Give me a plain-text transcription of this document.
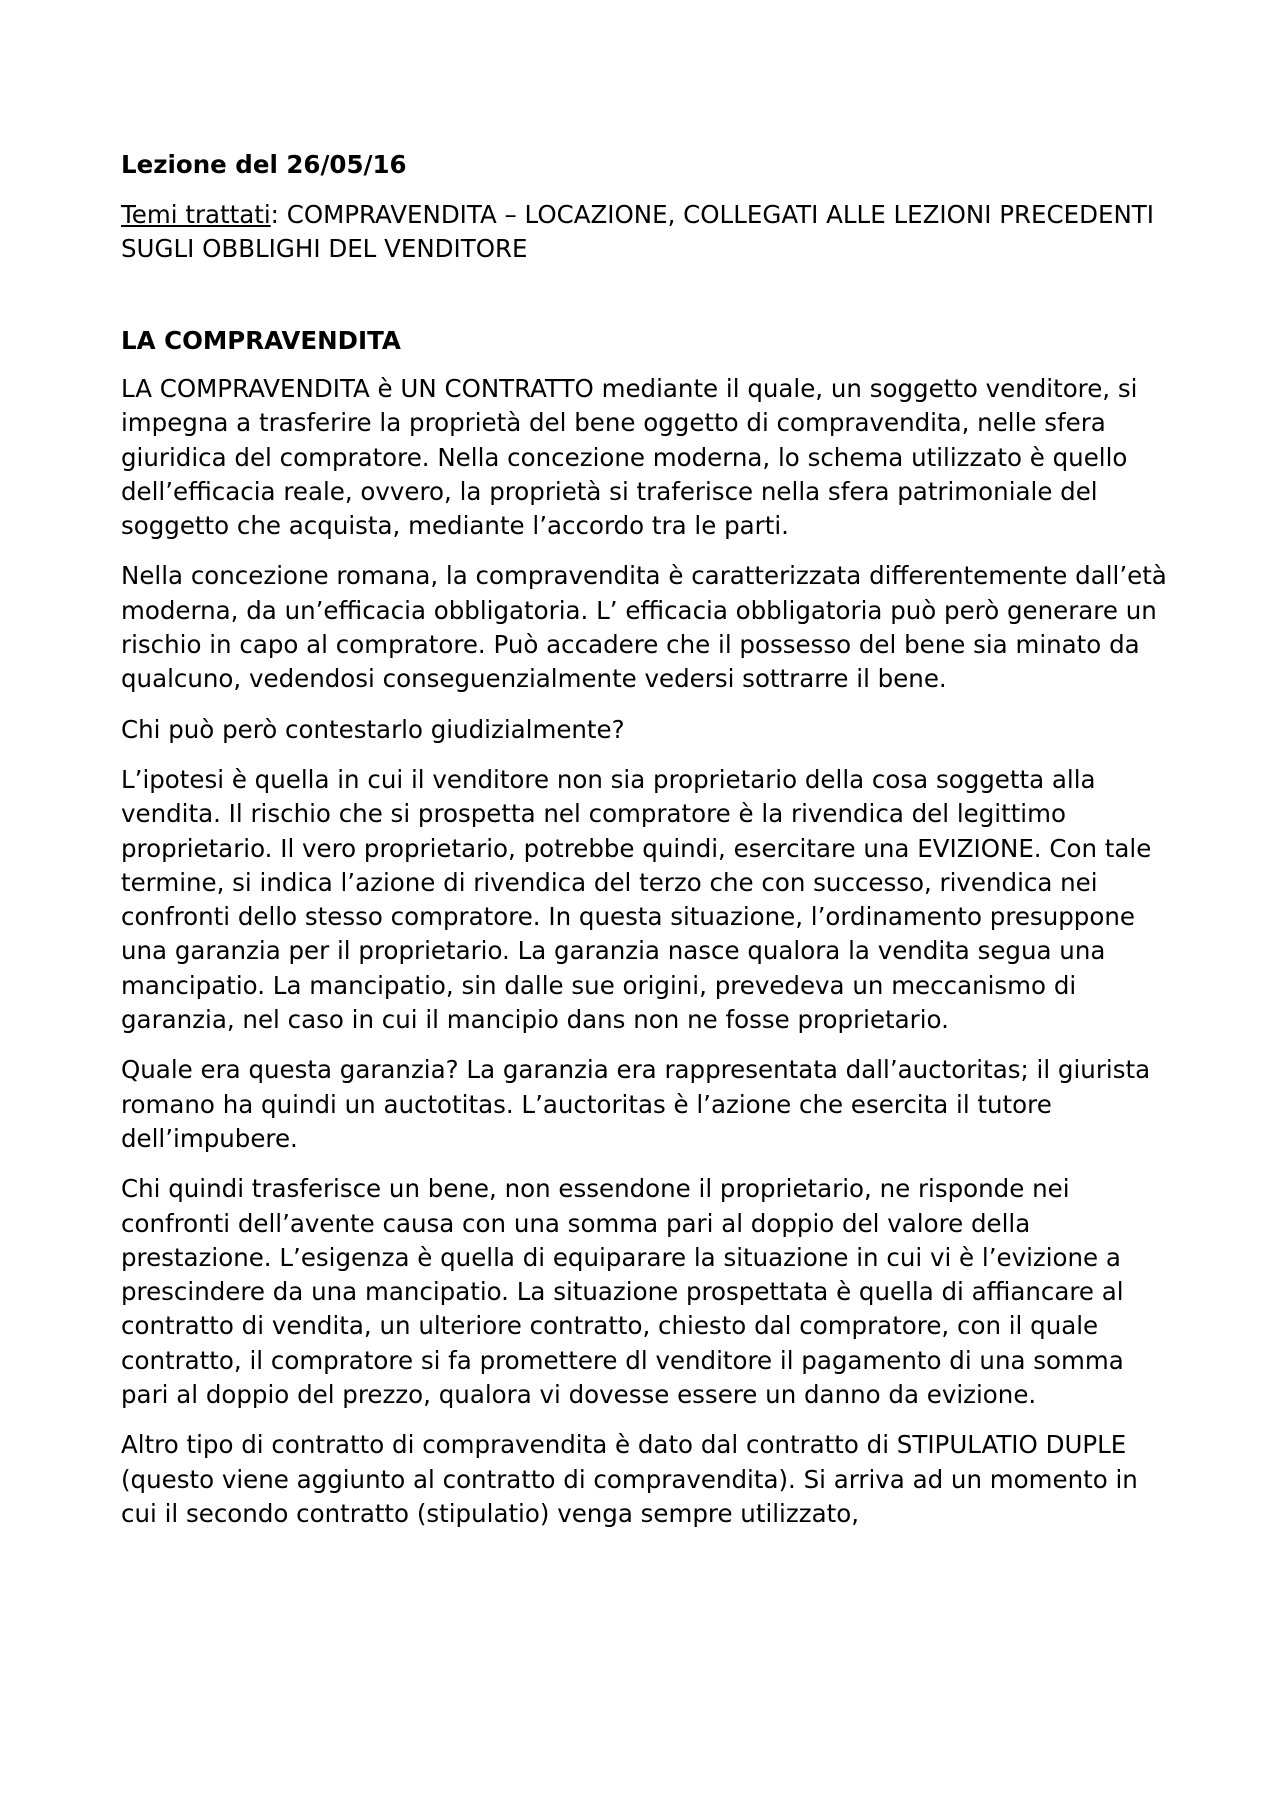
Lezione del 26/05/16
Temi trattati: COMPRAVENDITA – LOCAZIONE, COLLEGATI ALLE LEZIONI PRECEDENTI SUGLI OBBLIGHI DEL VENDITORE
LA COMPRAVENDITA

LA COMPRAVENDITA è UN CONTRATTO mediante il quale, un soggetto venditore, si impegna a trasferire la proprietà del bene oggetto di compravendita, nelle sfera giuridica del compratore. Nella concezione moderna, lo schema utilizzato è quello dell’efficacia reale, ovvero, la proprietà si traferisce nella sfera patrimoniale del soggetto che acquista, mediante l’accordo tra le parti.

Nella concezione romana, la compravendita è caratterizzata differentemente dall’età moderna, da un’efficacia obbligatoria. L’ efficacia obbligatoria può però generare un rischio in capo al compratore. Può accadere che il possesso del bene sia minato da qualcuno, vedendosi conseguenzialmente vedersi sottrarre il bene.

Chi può però contestarlo giudizialmente?

L’ipotesi è quella in cui il venditore non sia proprietario della cosa soggetta alla vendita. Il rischio che si prospetta nel compratore è la rivendica del legittimo proprietario. Il vero proprietario, potrebbe quindi, esercitare una EVIZIONE. Con tale termine, si indica l’azione di rivendica del terzo che con successo, rivendica nei confronti dello stesso compratore. In questa situazione, l’ordinamento presuppone una garanzia per il proprietario. La garanzia nasce qualora la vendita segua una mancipatio. La mancipatio, sin dalle sue origini, prevedeva un meccanismo di garanzia, nel caso in cui il mancipio dans non ne fosse proprietario.

Quale era questa garanzia? La garanzia era rappresentata dall’auctoritas; il giurista romano ha quindi un auctotitas. L’auctoritas è l’azione che esercita il tutore dell’impubere.

Chi quindi trasferisce un bene, non essendone il proprietario, ne risponde nei confronti dell’avente causa con una somma pari al doppio del valore della prestazione. L’esigenza è quella di equiparare la situazione in cui vi è l’evizione a prescindere da una mancipatio. La situazione prospettata è quella di affiancare al contratto di vendita, un ulteriore contratto, chiesto dal compratore, con il quale contratto, il compratore si fa promettere dl venditore il pagamento di una somma pari al doppio del prezzo, qualora vi dovesse essere un danno da evizione.

Altro tipo di contratto di compravendita è dato dal contratto di STIPULATIO DUPLE (questo viene aggiunto al contratto di compravendita). Si arriva ad un momento in cui il secondo contratto (stipulatio) venga sempre utilizzato,
